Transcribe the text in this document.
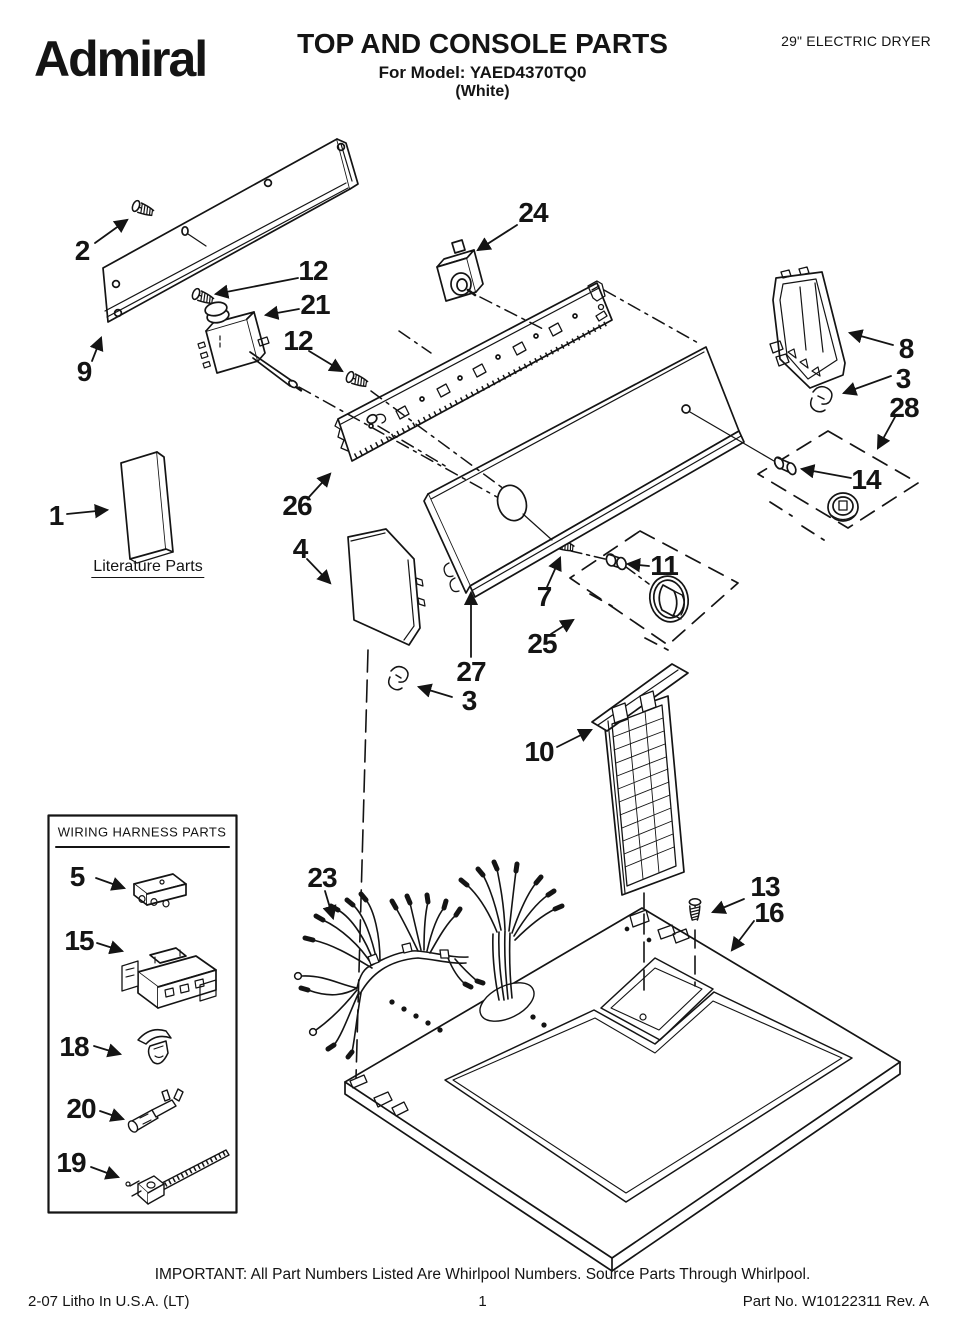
Admiral	TOP AND CONSOLE PARTS
For Model: YAED4370TQ0
(White)
29" ELECTRIC DRYER
2
9
12
21
12
24
8
3
28
14
26
1
4
7
11
25
27
3
10
23	13
16
5
15
18
20
19
Literature Parts
WIRING HARNESS PARTS
IMPORTANT: All Part Numbers Listed Are Whirlpool Numbers. Source Parts Through Whirlpool.
2-07 Litho In U.S.A. (LT)	1	Part No. W10122311 Rev. A
